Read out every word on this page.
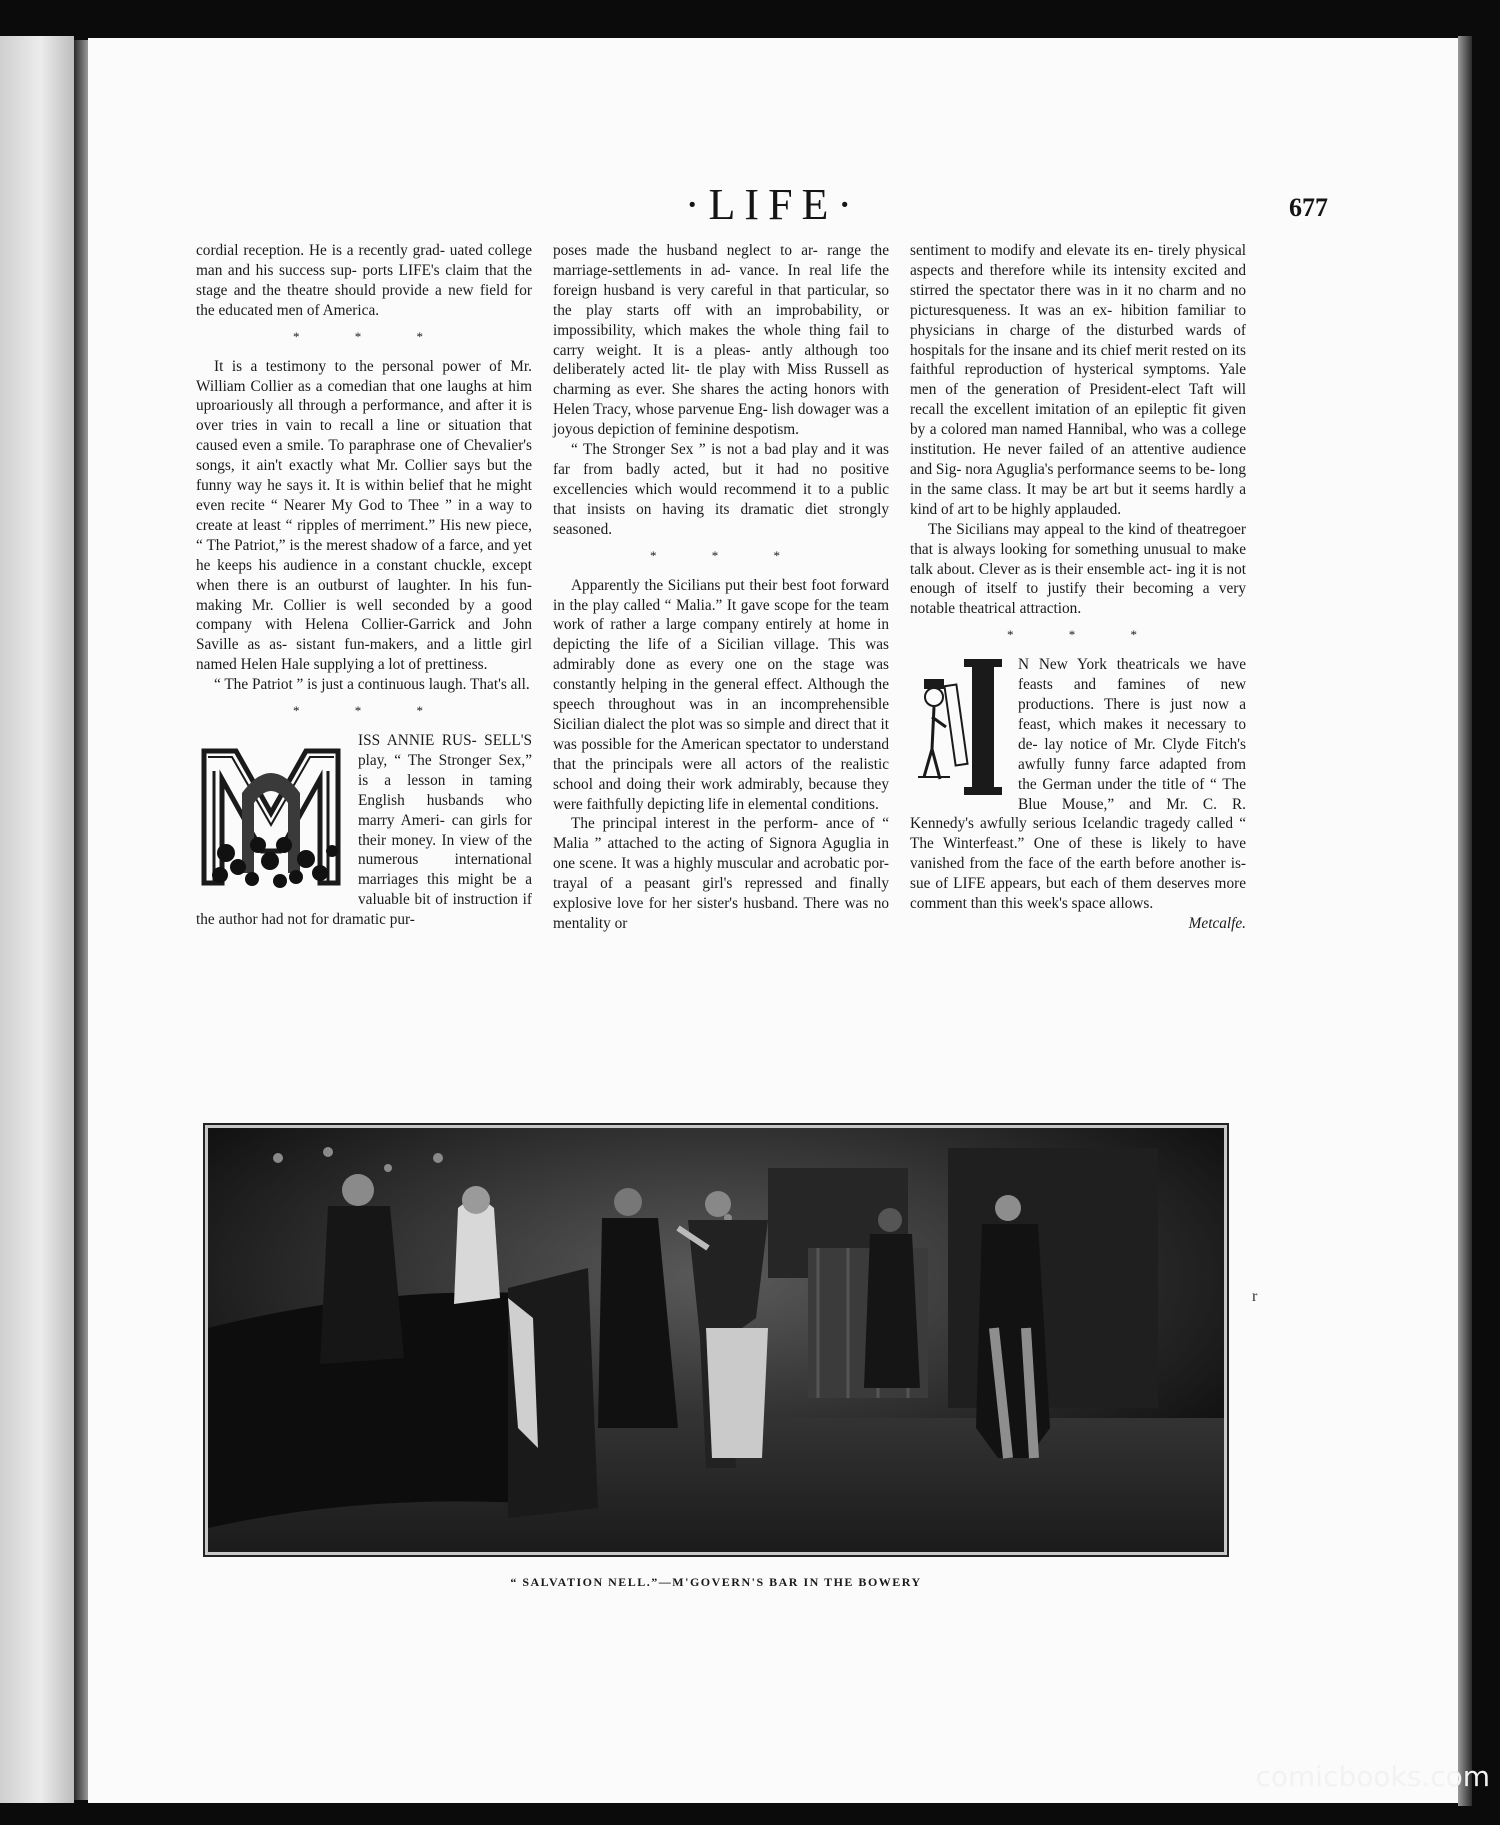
·LIFE·	677

cordial reception. He is a recently grad- uated college man and his success sup- ports LIFE's claim that the stage and the theatre should provide a new field for the educated men of America.

* * *

It is a testimony to the personal power of Mr. William Collier as a comedian that one laughs at him uproariously all through a performance, and after it is over tries in vain to recall a line or situation that caused even a smile. To paraphrase one of Chevalier's songs, it ain't exactly what Mr. Collier says but the funny way he says it. It is within belief that he might even recite “ Nearer My God to Thee ” in a way to create at least “ ripples of merriment.” His new piece, “ The Patriot,” is the merest shadow of a farce, and yet he keeps his audience in a constant chuckle, except when there is an outburst of laughter. In his fun-making Mr. Collier is well seconded by a good company with Helena Collier-Garrick and John Saville as as- sistant fun-makers, and a little girl named Helen Hale supplying a lot of prettiness.

“ The Patriot ” is just a continuous laugh. That's all.

* * *

ISS ANNIE RUS- SELL'S play, “ The Stronger Sex,” is a lesson in taming English husbands who marry Ameri- can girls for their money. In view of the numerous international marriages this might be a valuable bit of instruction if the author had not for dramatic pur-

poses made the husband neglect to ar- range the marriage-settlements in ad- vance. In real life the foreign husband is very careful in that particular, so the play starts off with an improbability, or impossibility, which makes the whole thing fail to carry weight. It is a pleas- antly although too deliberately acted lit- tle play with Miss Russell as charming as ever. She shares the acting honors with Helen Tracy, whose parvenue Eng- lish dowager was a joyous depiction of feminine despotism.

“ The Stronger Sex ” is not a bad play and it was far from badly acted, but it had no positive excellencies which would recommend it to a public that insists on having its dramatic diet strongly seasoned.

* * *

Apparently the Sicilians put their best foot forward in the play called “ Malia.” It gave scope for the team work of rather a large company entirely at home in depicting the life of a Sicilian village. This was admirably done as every one on the stage was constantly helping in the general effect. Although the speech throughout was in an incomprehensible Sicilian dialect the plot was so simple and direct that it was possible for the American spectator to understand that the principals were all actors of the realistic school and doing their work admirably, because they were faithfully depicting life in elemental conditions.

The principal interest in the perform- ance of “ Malia ” attached to the acting of Signora Aguglia in one scene. It was a highly muscular and acrobatic por- trayal of a peasant girl's repressed and finally explosive love for her sister's husband. There was no mentality or

sentiment to modify and elevate its en- tirely physical aspects and therefore while its intensity excited and stirred the spectator there was in it no charm and no picturesqueness. It was an ex- hibition familiar to physicians in charge of the disturbed wards of hospitals for the insane and its chief merit rested on its faithful reproduction of hysterical symptoms. Yale men of the generation of President-elect Taft will recall the excellent imitation of an epileptic fit given by a colored man named Hannibal, who was a college institution. He never failed of an attentive audience and Sig- nora Aguglia's performance seems to be- long in the same class. It may be art but it seems hardly a kind of art to be highly applauded.

The Sicilians may appeal to the kind of theatregoer that is always looking for something unusual to make talk about. Clever as is their ensemble act- ing it is not enough of itself to justify their becoming a very notable theatrical attraction.

* * *

N New York theatricals we have feasts and famines of new productions. There is just now a feast, which makes it necessary to de- lay notice of Mr. Clyde Fitch's awfully funny farce adapted from the German under the title of “ The Blue Mouse,” and Mr. C. R. Kennedy's awfully serious Icelandic tragedy called “ The Winterfeast.” One of these is likely to have vanished from the face of the earth before another is- sue of LIFE appears, but each of them deserves more comment than this week's space allows.

Metcalfe.

“ SALVATION NELL.”—M'GOVERN'S BAR IN THE BOWERY
r
comicbooks.com
